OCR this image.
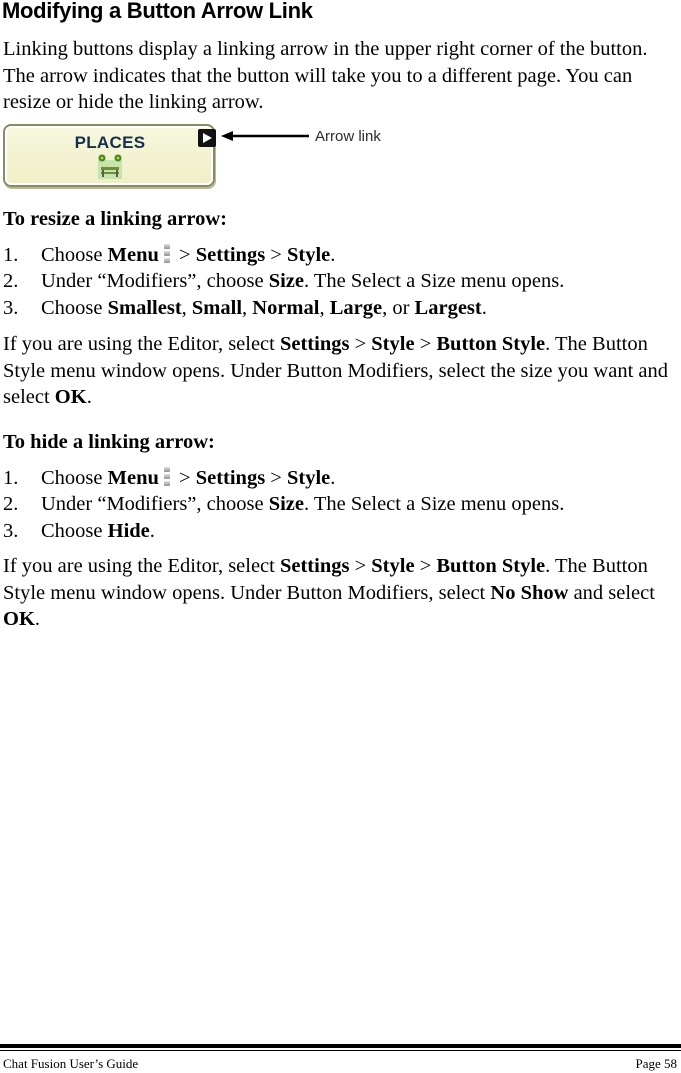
Modifying a Button Arrow Link

Linking buttons display a linking arrow in the upper right corner of the button. The arrow indicates that the button will take you to a different page. You can resize or hide the linking arrow.

PLACES	Arrow link
To resize a linking arrow:
1. Choose Menu
> Settings > Style.
2. Under “Modifiers”, choose Size. The Select a Size menu opens.
3. Choose Smallest, Small, Normal, Large, or Largest.

If you are using the Editor, select Settings > Style > Button Style. The Button Style menu window opens. Under Button Modifiers, select the size you want and select OK.

To hide a linking arrow:
1. Choose Menu
> Settings > Style.
2. Under “Modifiers”, choose Size. The Select a Size menu opens.
3. Choose Hide.

If you are using the Editor, select Settings > Style > Button Style. The Button Style menu window opens. Under Button Modifiers, select No Show and select OK.

Chat Fusion User’s Guide	Page 58
